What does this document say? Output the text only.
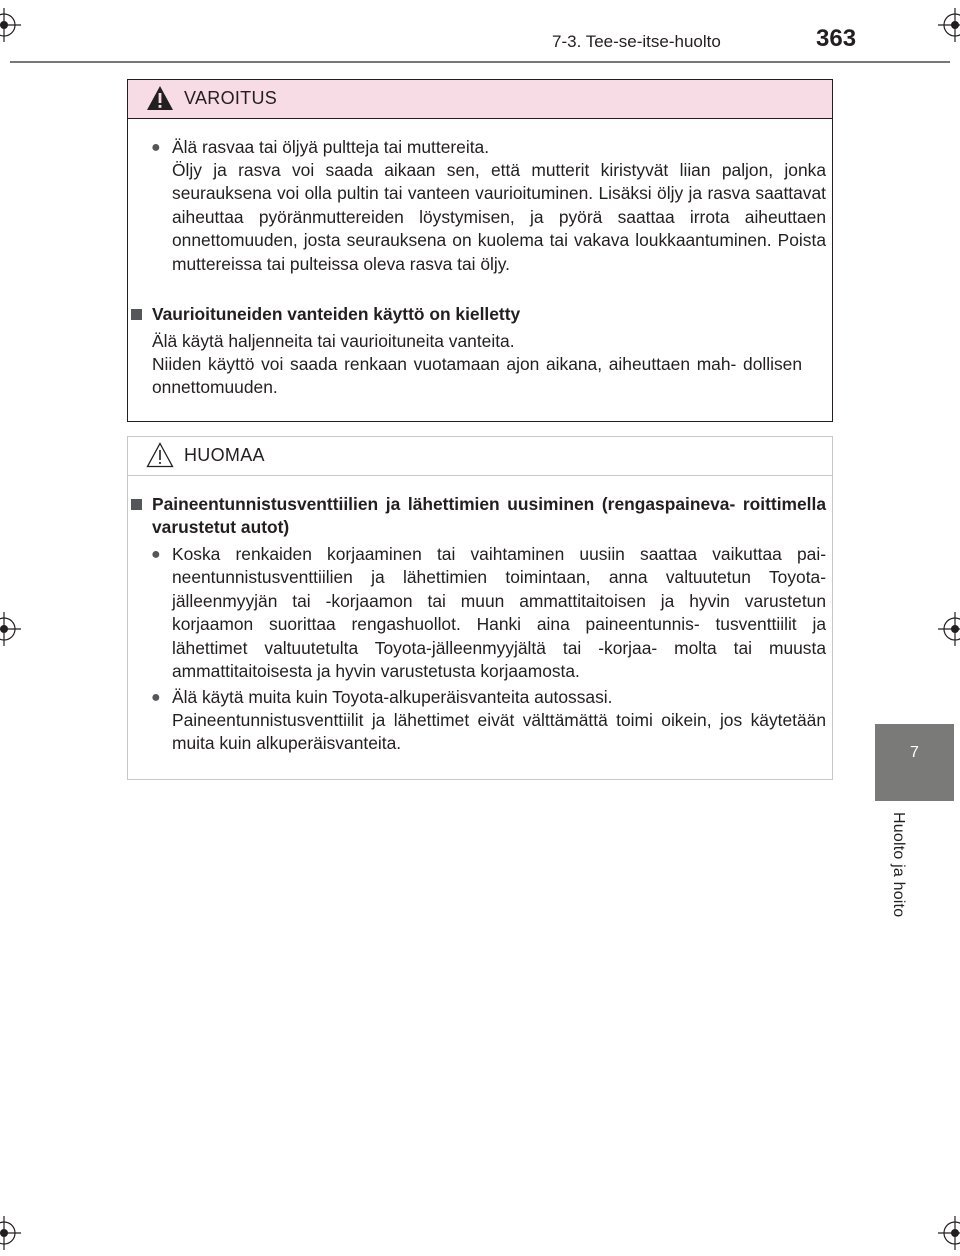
7-3. Tee-se-itse-huolto	363
7
Huolto ja hoito
VAROITUS
● Älä rasvaa tai öljyä pultteja tai muttereita.
Öljy ja rasva voi saada aikaan sen, että mutterit kiristyvät liian paljon, jonka seurauksena voi olla pultin tai vanteen vaurioituminen. Lisäksi öljy ja rasva saattavat aiheuttaa pyöränmuttereiden löystymisen, ja pyörä saattaa irrota aiheuttaen onnettomuuden, josta seurauksena on kuolema tai vakava loukkaantuminen. Poista muttereissa tai pulteissa oleva rasva tai öljy.
Vaurioituneiden vanteiden käyttö on kielletty
Älä käytä haljenneita tai vaurioituneita vanteita.
Niiden käyttö voi saada renkaan vuotamaan ajon aikana, aiheuttaen mah- dollisen onnettomuuden.
HUOMAA
Paineentunnistusventtiilien ja lähettimien uusiminen (rengaspaineva- roittimella varustetut autot)
● Koska renkaiden korjaaminen tai vaihtaminen uusiin saattaa vaikuttaa pai- neentunnistusventtiilien ja lähettimien toimintaan, anna valtuutetun Toyota-jälleenmyyjän tai -korjaamon tai muun ammattitaitoisen ja hyvin varustetun korjaamon suorittaa rengashuollot. Hanki aina paineentunnis- tusventtiilit ja lähettimet valtuutetulta Toyota-jälleenmyyjältä tai -korjaa- molta tai muusta ammattitaitoisesta ja hyvin varustetusta korjaamosta.
● Älä käytä muita kuin Toyota-alkuperäisvanteita autossasi.
Paineentunnistusventtiilit ja lähettimet eivät välttämättä toimi oikein, jos käytetään muita kuin alkuperäisvanteita.
